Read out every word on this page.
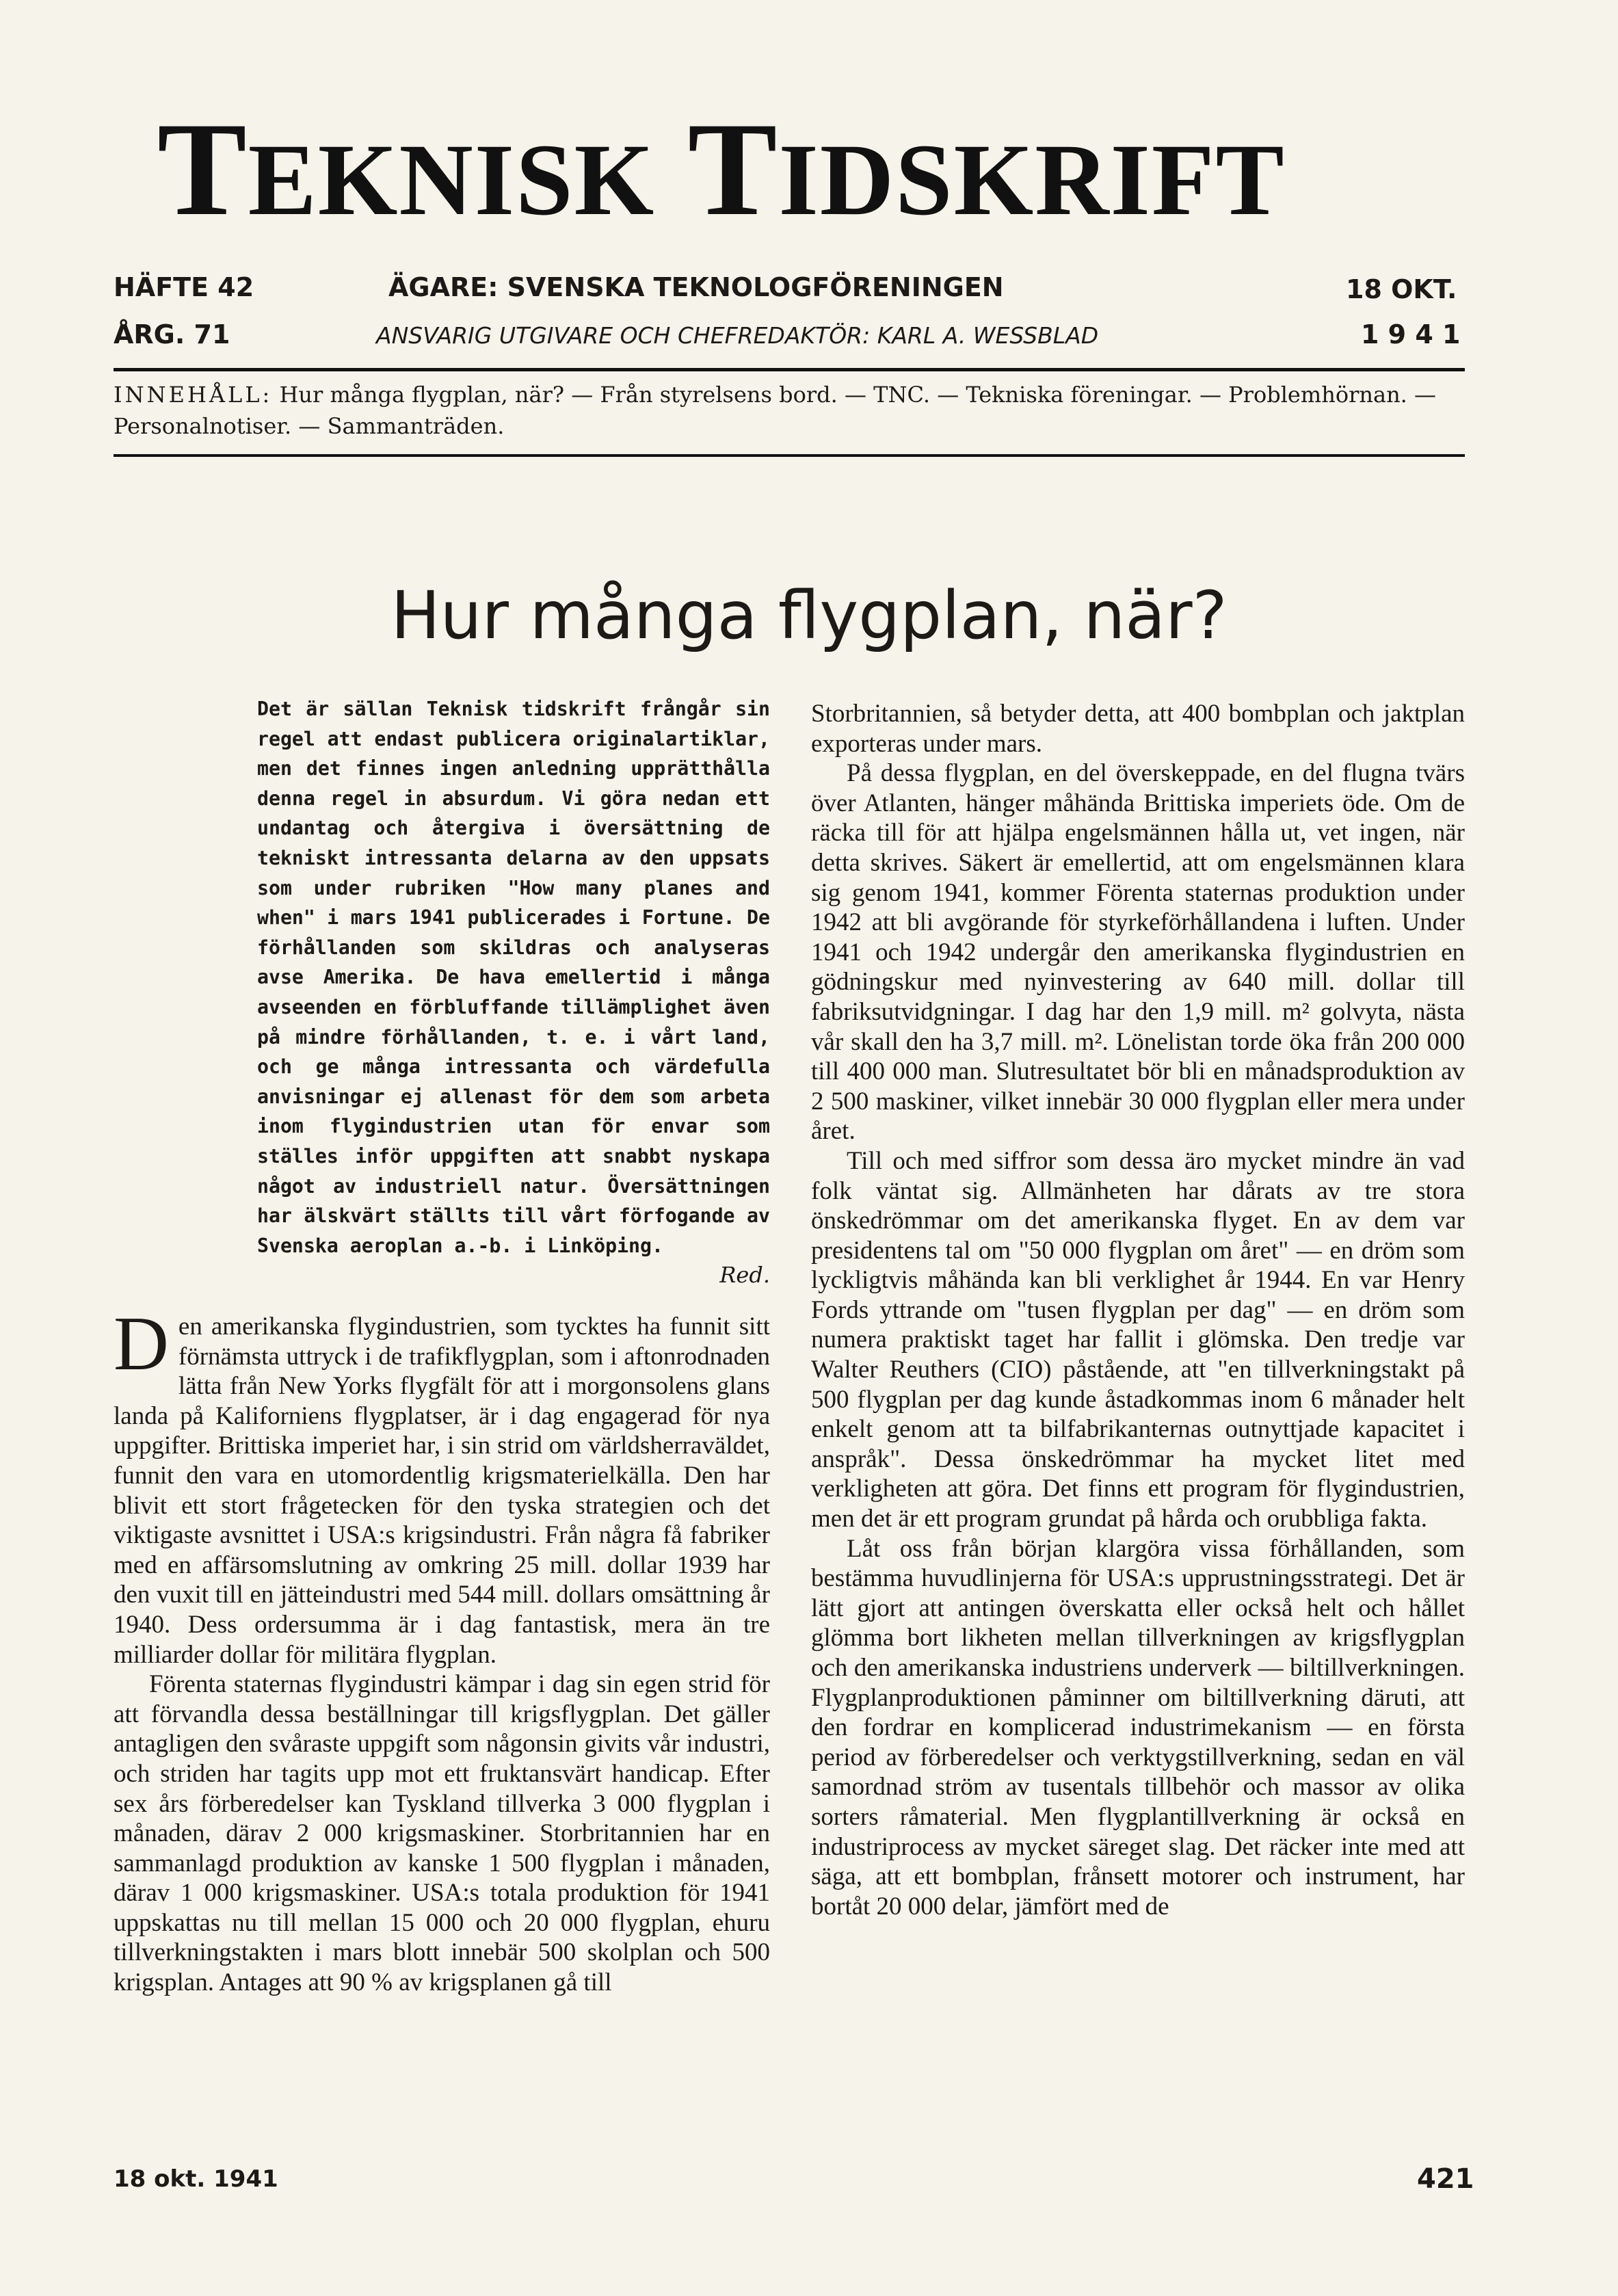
TEKNISK TIDSKRIFT
HÄFTE 42
ÅRG. 71
ÄGARE: SVENSKA TEKNOLOGFÖRENINGEN
ANSVARIG UTGIVARE OCH CHEFREDAKTÖR: KARL A. WESSBLAD
18 OKT.
1 9 4 1
INNEHÅLL: Hur många flygplan, när? — Från styrelsens bord. — TNC. — Tekniska föreningar. — Problemhörnan. — Personalnotiser. — Sammanträden.
Hur många flygplan, när?
Det är sällan Teknisk tidskrift frångår sin regel att endast publicera originalartiklar, men det finnes ingen anledning upprätthålla denna regel in absurdum. Vi göra nedan ett undantag och återgiva i översättning de tekniskt intressanta delarna av den uppsats som under rubriken "How many planes and when" i mars 1941 publicerades i Fortune. De förhållanden som skildras och analyseras avse Amerika. De hava emellertid i många avseenden en förbluffande tillämplighet även på mindre förhållanden, t. e. i vårt land, och ge många intressanta och värdefulla anvisningar ej allenast för dem som arbeta inom flygindustrien utan för envar som ställes inför uppgiften att snabbt nyskapa något av industriell natur. Översättningen har älskvärt ställts till vårt förfogande av Svenska aeroplan a.-b. i Linköping.
Red.

Den amerikanska flygindustrien, som tycktes ha funnit sitt förnämsta uttryck i de trafikflygplan, som i aftonrodnaden lätta från New Yorks flygfält för att i morgonsolens glans landa på Kaliforniens flygplatser, är i dag engagerad för nya uppgifter. Brittiska imperiet har, i sin strid om världsherraväldet, funnit den vara en utomordentlig krigsmaterielkälla. Den har blivit ett stort frågetecken för den tyska strategien och det viktigaste avsnittet i USA:s krigsindustri. Från några få fabriker med en affärsomslutning av omkring 25 mill. dollar 1939 har den vuxit till en jätteindustri med 544 mill. dollars omsättning år 1940. Dess ordersumma är i dag fantastisk, mera än tre milliarder dollar för militära flygplan.

Förenta staternas flygindustri kämpar i dag sin egen strid för att förvandla dessa beställningar till krigsflygplan. Det gäller antagligen den svåraste uppgift som någonsin givits vår industri, och striden har tagits upp mot ett fruktansvärt handicap. Efter sex års förberedelser kan Tyskland tillverka 3 000 flygplan i månaden, därav 2 000 krigsmaskiner. Storbritannien har en sammanlagd produktion av kanske 1 500 flygplan i månaden, därav 1 000 krigsmaskiner. USA:s totala produktion för 1941 uppskattas nu till mellan 15 000 och 20 000 flygplan, ehuru tillverkningstakten i mars blott innebär 500 skolplan och 500 krigsplan. Antages att 90 % av krigsplanen gå till

Storbritannien, så betyder detta, att 400 bombplan och jaktplan exporteras under mars.

På dessa flygplan, en del överskeppade, en del flugna tvärs över Atlanten, hänger måhända Brittiska imperiets öde. Om de räcka till för att hjälpa engelsmännen hålla ut, vet ingen, när detta skrives. Säkert är emellertid, att om engelsmännen klara sig genom 1941, kommer Förenta staternas produktion under 1942 att bli avgörande för styrkeförhållandena i luften. Under 1941 och 1942 undergår den amerikanska flygindustrien en gödningskur med nyinvestering av 640 mill. dollar till fabriksutvidgningar. I dag har den 1,9 mill. m² golvyta, nästa vår skall den ha 3,7 mill. m². Lönelistan torde öka från 200 000 till 400 000 man. Slutresultatet bör bli en månadsproduktion av 2 500 maskiner, vilket innebär 30 000 flygplan eller mera under året.

Till och med siffror som dessa äro mycket mindre än vad folk väntat sig. Allmänheten har dårats av tre stora önskedrömmar om det amerikanska flyget. En av dem var presidentens tal om "50 000 flygplan om året" — en dröm som lyckligtvis måhända kan bli verklighet år 1944. En var Henry Fords yttrande om "tusen flygplan per dag" — en dröm som numera praktiskt taget har fallit i glömska. Den tredje var Walter Reuthers (CIO) påstående, att "en tillverkningstakt på 500 flygplan per dag kunde åstadkommas inom 6 månader helt enkelt genom att ta bilfabrikanternas outnyttjade kapacitet i anspråk". Dessa önskedrömmar ha mycket litet med verkligheten att göra. Det finns ett program för flygindustrien, men det är ett program grundat på hårda och orubbliga fakta.

Låt oss från början klargöra vissa förhållanden, som bestämma huvudlinjerna för USA:s upprustningsstrategi. Det är lätt gjort att antingen överskatta eller också helt och hållet glömma bort likheten mellan tillverkningen av krigsflygplan och den amerikanska industriens underverk — biltillverkningen. Flygplanproduktionen påminner om biltillverkning däruti, att den fordrar en komplicerad industrimekanism — en första period av förberedelser och verktygstillverkning, sedan en väl samordnad ström av tusentals tillbehör och massor av olika sorters råmaterial. Men flygplantillverkning är också en industriprocess av mycket säreget slag. Det räcker inte med att säga, att ett bombplan, frånsett motorer och instrument, har bortåt 20 000 delar, jämfört med de

18 okt. 1941	421
